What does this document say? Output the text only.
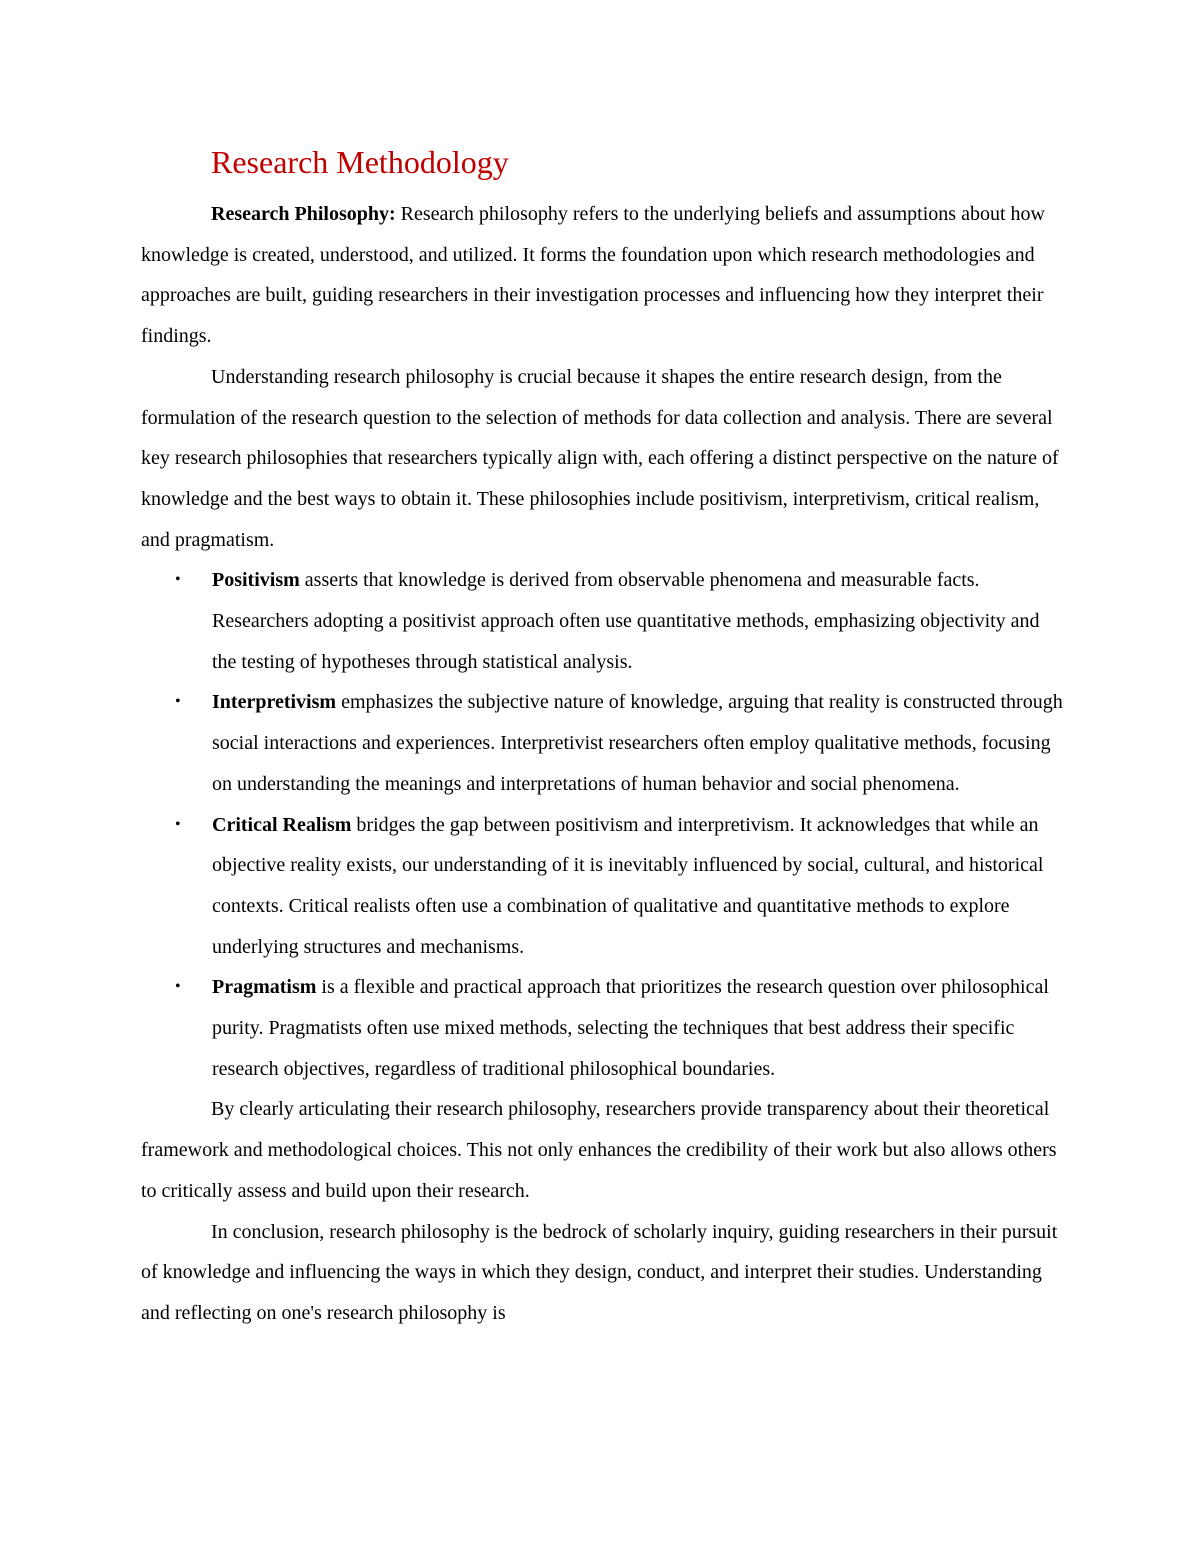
Research Methodology

Research Philosophy: Research philosophy refers to the underlying beliefs and assumptions about how knowledge is created, understood, and utilized. It forms the foundation upon which research methodologies and approaches are built, guiding researchers in their investigation processes and influencing how they interpret their findings.

Understanding research philosophy is crucial because it shapes the entire research design, from the formulation of the research question to the selection of methods for data collection and analysis. There are several key research philosophies that researchers typically align with, each offering a distinct perspective on the nature of knowledge and the best ways to obtain it. These philosophies include positivism, interpretivism, critical realism, and pragmatism.

• Positivism asserts that knowledge is derived from observable phenomena and measurable facts. Researchers adopting a positivist approach often use quantitative methods, emphasizing objectivity and the testing of hypotheses through statistical analysis.
• Interpretivism emphasizes the subjective nature of knowledge, arguing that reality is constructed through social interactions and experiences. Interpretivist researchers often employ qualitative methods, focusing on understanding the meanings and interpretations of human behavior and social phenomena.
• Critical Realism bridges the gap between positivism and interpretivism. It acknowledges that while an objective reality exists, our understanding of it is inevitably influenced by social, cultural, and historical contexts. Critical realists often use a combination of qualitative and quantitative methods to explore underlying structures and mechanisms.
• Pragmatism is a flexible and practical approach that prioritizes the research question over philosophical purity. Pragmatists often use mixed methods, selecting the techniques that best address their specific research objectives, regardless of traditional philosophical boundaries.

By clearly articulating their research philosophy, researchers provide transparency about their theoretical framework and methodological choices. This not only enhances the credibility of their work but also allows others to critically assess and build upon their research.

In conclusion, research philosophy is the bedrock of scholarly inquiry, guiding researchers in their pursuit of knowledge and influencing the ways in which they design, conduct, and interpret their studies. Understanding and reflecting on one's research philosophy is
